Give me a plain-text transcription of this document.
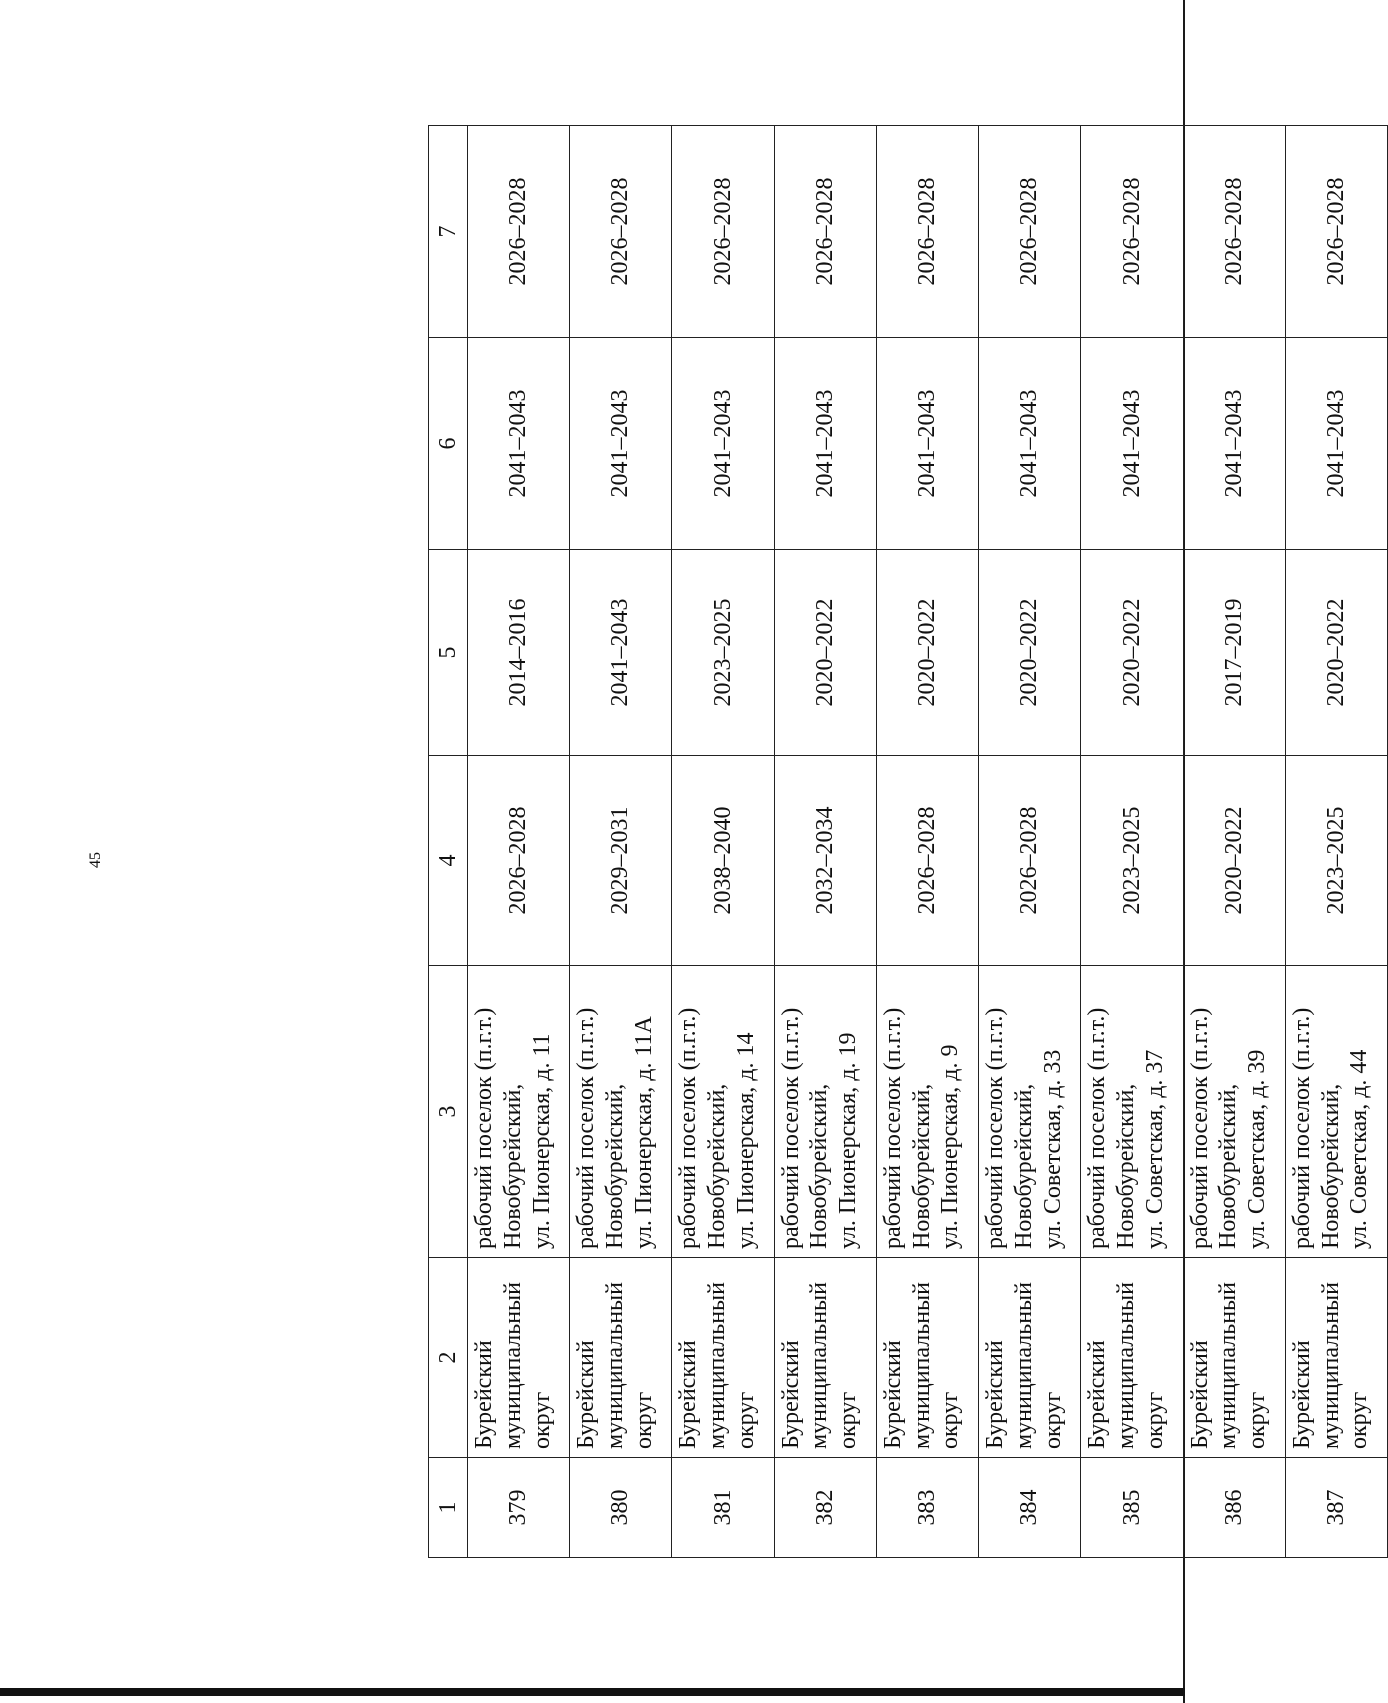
45
1	2	3	4	5	6	7
379	Бурейский муниципальный округ	рабочий поселок (п.г.т.) Новобурейский, ул. Пионерская, д. 11	2026–2028	2014–2016	2041–2043	2026–2028
380	Бурейский муниципальный округ	рабочий поселок (п.г.т.) Новобурейский, ул. Пионерская, д. 11А	2029–2031	2041–2043	2041–2043	2026–2028
381	Бурейский муниципальный округ	рабочий поселок (п.г.т.) Новобурейский, ул. Пионерская, д. 14	2038–2040	2023–2025	2041–2043	2026–2028
382	Бурейский муниципальный округ	рабочий поселок (п.г.т.) Новобурейский, ул. Пионерская, д. 19	2032–2034	2020–2022	2041–2043	2026–2028
383	Бурейский муниципальный округ	рабочий поселок (п.г.т.) Новобурейский, ул. Пионерская, д. 9	2026–2028	2020–2022	2041–2043	2026–2028
384	Бурейский муниципальный округ	рабочий поселок (п.г.т.) Новобурейский, ул. Советская, д. 33	2026–2028	2020–2022	2041–2043	2026–2028
385	Бурейский муниципальный округ	рабочий поселок (п.г.т.) Новобурейский, ул. Советская, д. 37	2023–2025	2020–2022	2041–2043	2026–2028
386	Бурейский муниципальный округ	рабочий поселок (п.г.т.) Новобурейский, ул. Советская, д. 39	2020–2022	2017–2019	2041–2043	2026–2028
387	Бурейский муниципальный округ	рабочий поселок (п.г.т.) Новобурейский, ул. Советская, д. 44	2023–2025	2020–2022	2041–2043	2026–2028
